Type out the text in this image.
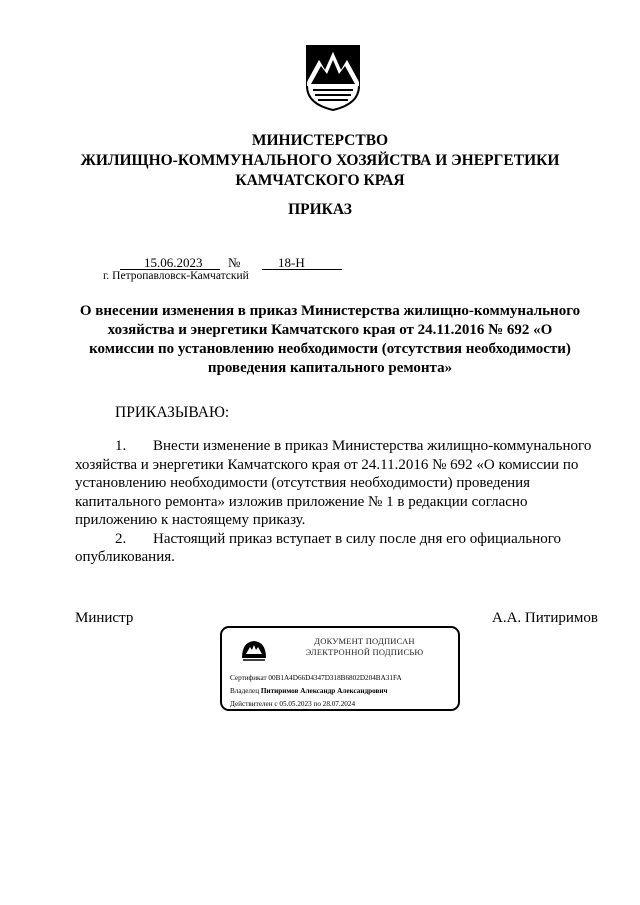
МИНИСТЕРСТВО
ЖИЛИЩНО-КОММУНАЛЬНОГО ХОЗЯЙСТВА И ЭНЕРГЕТИКИ
КАМЧАТСКОГО КРАЯ
ПРИКАЗ
15.06.2023 №	18-Н
г. Петропавловск-Камчатский
О внесении изменения в приказ Министерства жилищно-коммунального
хозяйства и энергетики Камчатского края от 24.11.2016 № 692 «О
комиссии по установлению необходимости (отсутствия необходимости)
проведения капитального ремонта»
ПРИКАЗЫВАЮ:
1. Внести изменение в приказ Министерства жилищно-коммунального
хозяйства и энергетики Камчатского края от 24.11.2016 № 692 «О комиссии по
установлению необходимости (отсутствия необходимости) проведения
капитального ремонта» изложив приложение № 1 в редакции согласно
приложению к настоящему приказу.
2. Настоящий приказ вступает в силу после дня его официального
опубликования.
Министр	А.А. Питиримов
ДОКУМЕНТ ПОДПИСАН
ЭЛЕКТРОННОЙ ПОДПИСЬЮ
Сертификат 00B1A4D66D4347D318B6802D204BA31FA
Владелец Питиримов Александр Александрович
Действителен с 05.05.2023 по 28.07.2024
